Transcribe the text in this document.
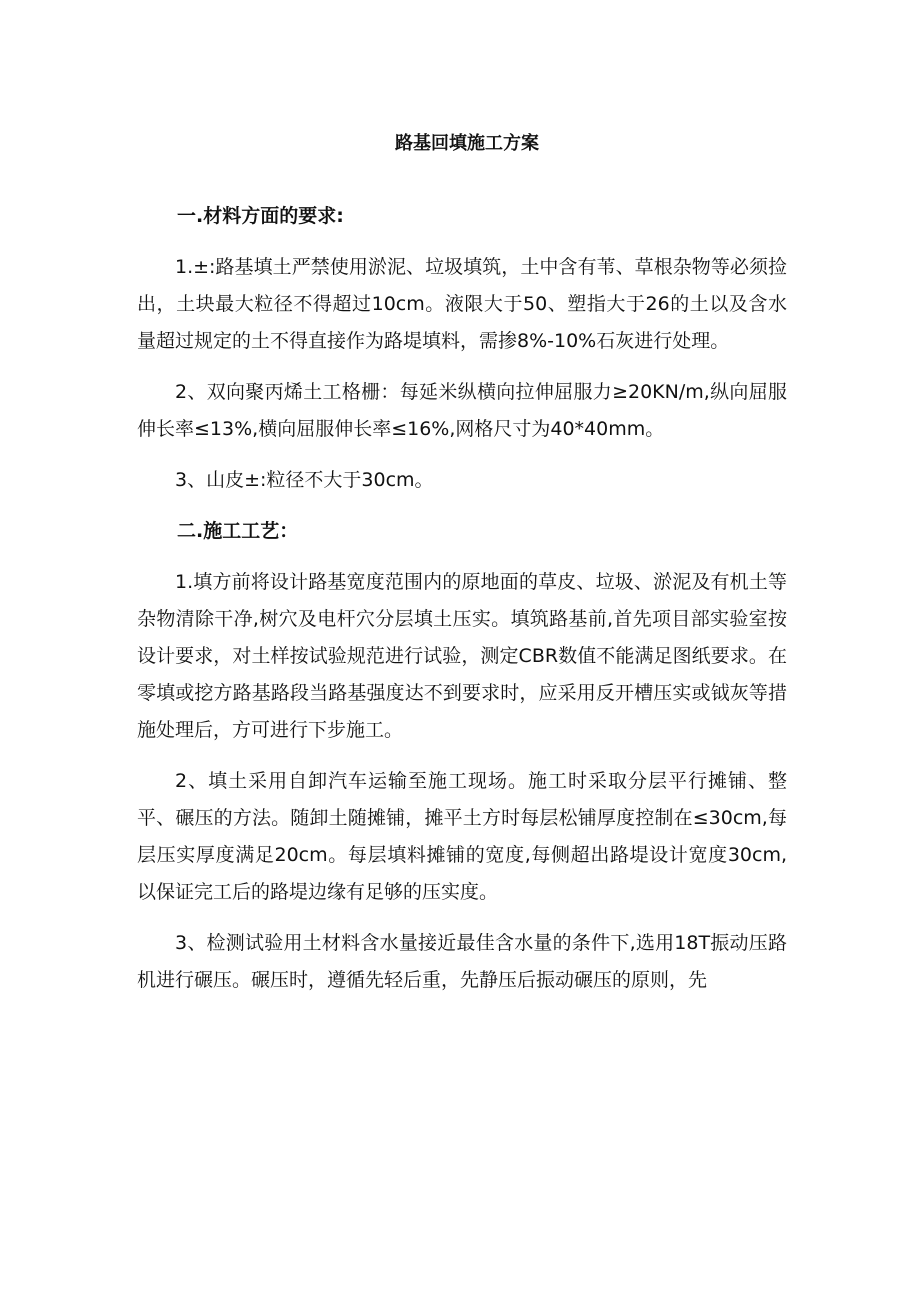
路基回填施工方案
一.材料方面的要求:

1.±:路基填土严禁使用淤泥、垃圾填筑，土中含有苇、草根杂物等必须捡出，土块最大粒径不得超过10cm。液限大于50、塑指大于26的土以及含水量超过规定的土不得直接作为路堤填料，需掺8%-10%石灰进行处理。

2、双向聚丙烯土工格栅：每延米纵横向拉伸屈服力≥20KN∕m,纵向屈服伸长率≤13%,横向屈服伸长率≤16%,网格尺寸为40*40mm。

3、山皮±:粒径不大于30cm。

二.施工工艺：

1.填方前将设计路基宽度范围内的原地面的草皮、垃圾、淤泥及有机土等杂物清除干净,树穴及电杆穴分层填土压实。填筑路基前,首先项目部实验室按设计要求，对土样按试验规范进行试验，测定CBR数值不能满足图纸要求。在零填或挖方路基路段当路基强度达不到要求时，应采用反开槽压实或钺灰等措施处理后，方可进行下步施工。

2、填土采用自卸汽车运输至施工现场。施工时采取分层平行摊铺、整平、碾压的方法。随卸土随摊铺，摊平土方时每层松铺厚度控制在≤30cm,每层压实厚度满足20cm。每层填料摊铺的宽度,每侧超出路堤设计宽度30cm,以保证完工后的路堤边缘有足够的压实度。

3、检测试验用土材料含水量接近最佳含水量的条件下,选用18T振动压路机进行碾压。碾压时，遵循先轻后重，先静压后振动碾压的原则，先
